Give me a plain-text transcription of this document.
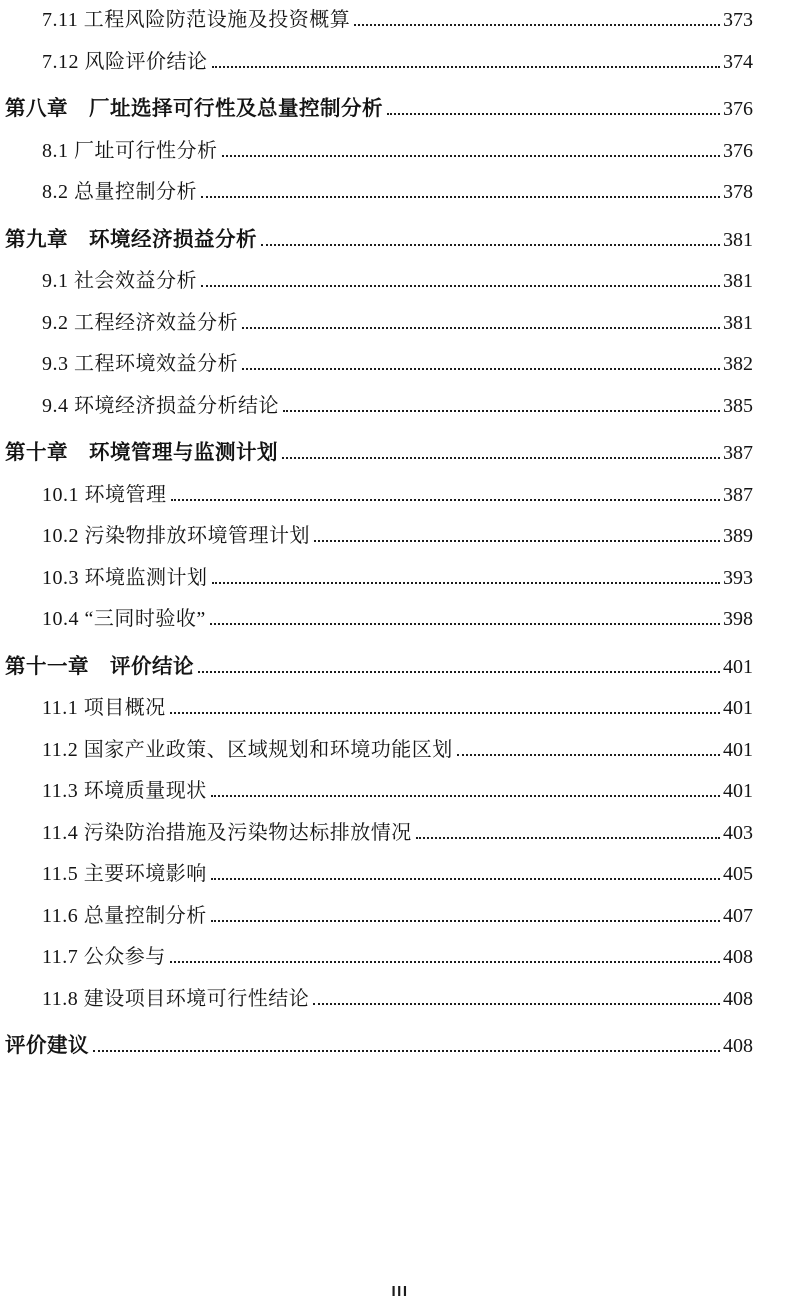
7.11 工程风险防范设施及投资概算	373
7.12 风险评价结论	374
第八章　厂址选择可行性及总量控制分析	376
8.1 厂址可行性分析	376
8.2 总量控制分析	378
第九章　环境经济损益分析	381
9.1 社会效益分析	381
9.2 工程经济效益分析	381
9.3 工程环境效益分析	382
9.4 环境经济损益分析结论	385
第十章　环境管理与监测计划	387
10.1 环境管理	387
10.2 污染物排放环境管理计划	389
10.3 环境监测计划	393
10.4 “三同时验收”	398
第十一章　评价结论	401
11.1 项目概况	401
11.2 国家产业政策、区域规划和环境功能区划	401
11.3 环境质量现状	401
11.4 污染防治措施及污染物达标排放情况	403
11.5 主要环境影响	405
11.6 总量控制分析	407
11.7 公众参与	408
11.8 建设项目环境可行性结论	408
评价建议	408
III
